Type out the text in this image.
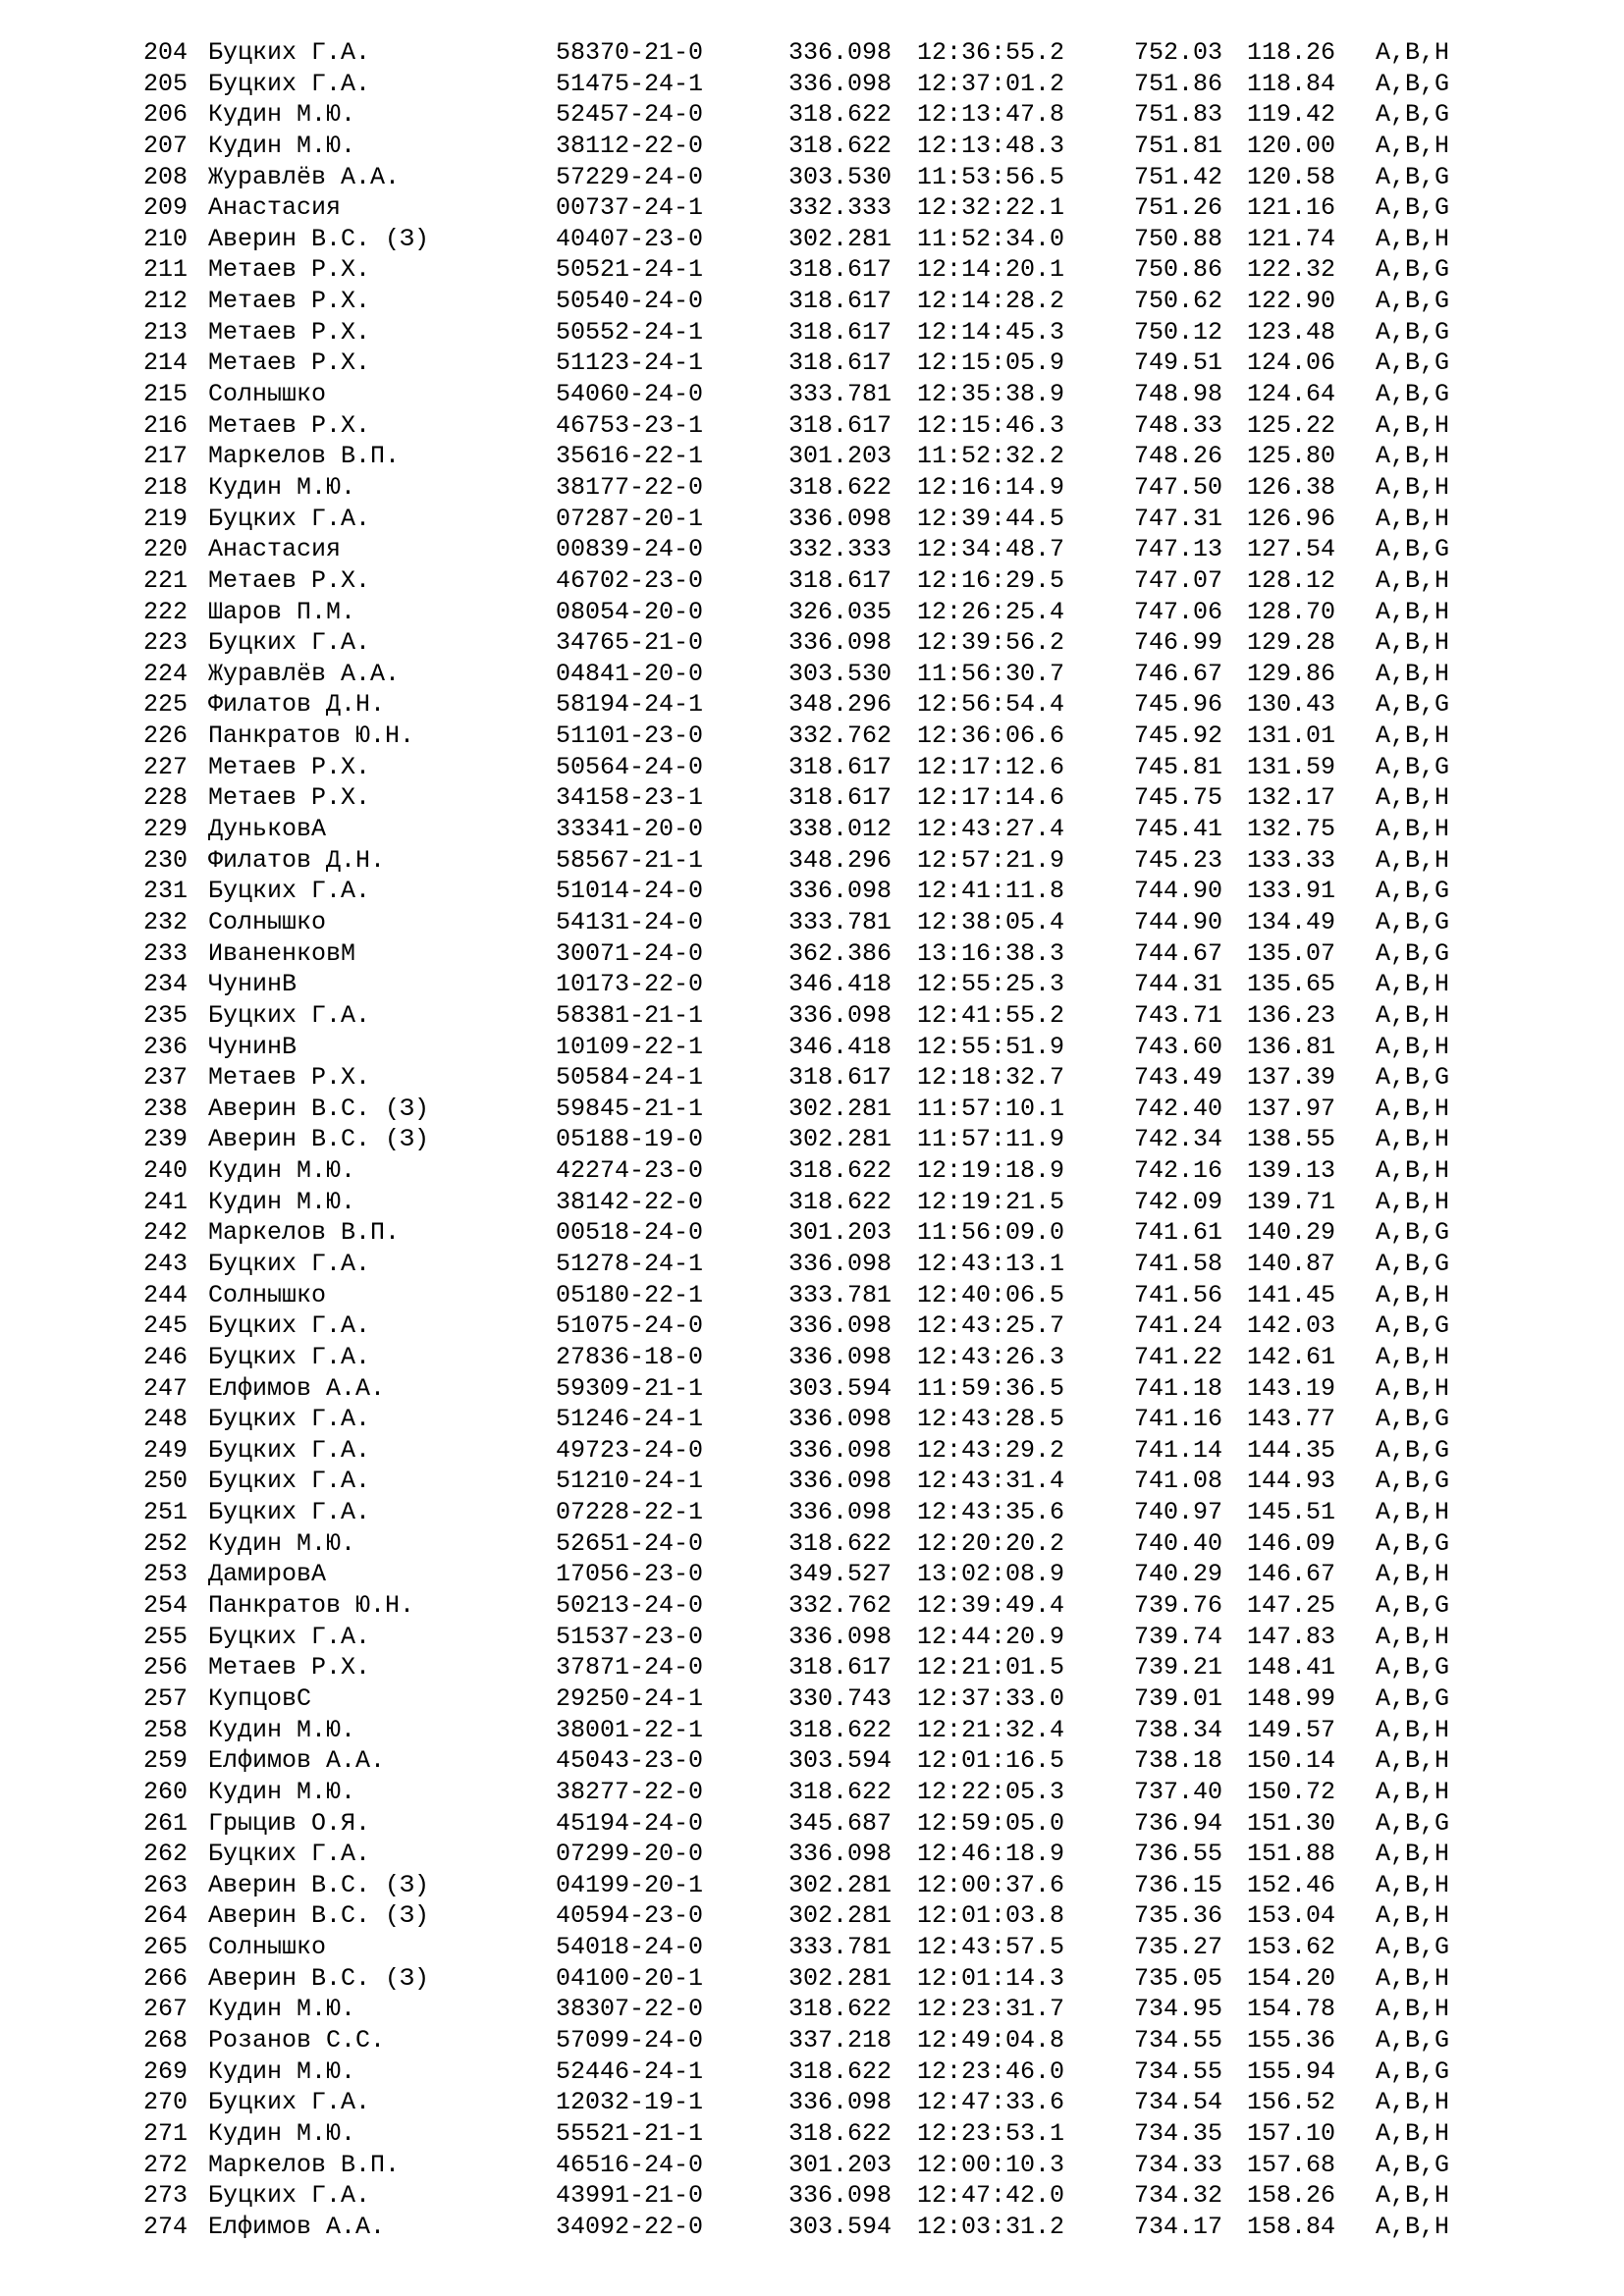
204 Буцких Г.А.	58370-21-0	336.098 12:36:55.2	752.03 118.26 A,B,H
205 Буцких Г.А.	51475-24-1	336.098 12:37:01.2	751.86 118.84 A,B,G
206 Кудин М.Ю.	52457-24-0	318.622 12:13:47.8	751.83 119.42 A,B,G
207 Кудин М.Ю.	38112-22-0	318.622 12:13:48.3	751.81 120.00 A,B,H
208 Журавлёв А.А.	57229-24-0	303.530 11:53:56.5	751.42 120.58 A,B,G
209 Анастасия	00737-24-1	332.333 12:32:22.1	751.26 121.16 A,B,G
210 Аверин В.С. (З)	40407-23-0	302.281 11:52:34.0	750.88 121.74 A,B,H
211 Метаев Р.Х.	50521-24-1	318.617 12:14:20.1	750.86 122.32 A,B,G
212 Метаев Р.Х.	50540-24-0	318.617 12:14:28.2	750.62 122.90 A,B,G
213 Метаев Р.Х.	50552-24-1	318.617 12:14:45.3	750.12 123.48 A,B,G
214 Метаев Р.Х.	51123-24-1	318.617 12:15:05.9	749.51 124.06 A,B,G
215 Солнышко	54060-24-0	333.781 12:35:38.9	748.98 124.64 A,B,G
216 Метаев Р.Х.	46753-23-1	318.617 12:15:46.3	748.33 125.22 A,B,H
217 Маркелов В.П.	35616-22-1	301.203 11:52:32.2	748.26 125.80 A,B,H
218 Кудин М.Ю.	38177-22-0	318.622 12:16:14.9	747.50 126.38 A,B,H
219 Буцких Г.А.	07287-20-1	336.098 12:39:44.5	747.31 126.96 A,B,H
220 Анастасия	00839-24-0	332.333 12:34:48.7	747.13 127.54 A,B,G
221 Метаев Р.Х.	46702-23-0	318.617 12:16:29.5	747.07 128.12 A,B,H
222 Шаров П.М.	08054-20-0	326.035 12:26:25.4	747.06 128.70 A,B,H
223 Буцких Г.А.	34765-21-0	336.098 12:39:56.2	746.99 129.28 A,B,H
224 Журавлёв А.А.	04841-20-0	303.530 11:56:30.7	746.67 129.86 A,B,H
225 Филатов Д.Н.	58194-24-1	348.296 12:56:54.4	745.96 130.43 A,B,G
226 Панкратов Ю.Н.	51101-23-0	332.762 12:36:06.6	745.92 131.01 A,B,H
227 Метаев Р.Х.	50564-24-0	318.617 12:17:12.6	745.81 131.59 A,B,G
228 Метаев Р.Х.	34158-23-1	318.617 12:17:14.6	745.75 132.17 A,B,H
229 ДуньковА	33341-20-0	338.012 12:43:27.4	745.41 132.75 A,B,H
230 Филатов Д.Н.	58567-21-1	348.296 12:57:21.9	745.23 133.33 A,B,H
231 Буцких Г.А.	51014-24-0	336.098 12:41:11.8	744.90 133.91 A,B,G
232 Солнышко	54131-24-0	333.781 12:38:05.4	744.90 134.49 A,B,G
233 ИваненковМ	30071-24-0	362.386 13:16:38.3	744.67 135.07 A,B,G
234 ЧунинВ	10173-22-0	346.418 12:55:25.3	744.31 135.65 A,B,H
235 Буцких Г.А.	58381-21-1	336.098 12:41:55.2	743.71 136.23 A,B,H
236 ЧунинВ	10109-22-1	346.418 12:55:51.9	743.60 136.81 A,B,H
237 Метаев Р.Х.	50584-24-1	318.617 12:18:32.7	743.49 137.39 A,B,G
238 Аверин В.С. (З)	59845-21-1	302.281 11:57:10.1	742.40 137.97 A,B,H
239 Аверин В.С. (З)	05188-19-0	302.281 11:57:11.9	742.34 138.55 A,B,H
240 Кудин М.Ю.	42274-23-0	318.622 12:19:18.9	742.16 139.13 A,B,H
241 Кудин М.Ю.	38142-22-0	318.622 12:19:21.5	742.09 139.71 A,B,H
242 Маркелов В.П.	00518-24-0	301.203 11:56:09.0	741.61 140.29 A,B,G
243 Буцких Г.А.	51278-24-1	336.098 12:43:13.1	741.58 140.87 A,B,G
244 Солнышко	05180-22-1	333.781 12:40:06.5	741.56 141.45 A,B,H
245 Буцких Г.А.	51075-24-0	336.098 12:43:25.7	741.24 142.03 A,B,G
246 Буцких Г.А.	27836-18-0	336.098 12:43:26.3	741.22 142.61 A,B,H
247 Елфимов А.А.	59309-21-1	303.594 11:59:36.5	741.18 143.19 A,B,H
248 Буцких Г.А.	51246-24-1	336.098 12:43:28.5	741.16 143.77 A,B,G
249 Буцких Г.А.	49723-24-0	336.098 12:43:29.2	741.14 144.35 A,B,G
250 Буцких Г.А.	51210-24-1	336.098 12:43:31.4	741.08 144.93 A,B,G
251 Буцких Г.А.	07228-22-1	336.098 12:43:35.6	740.97 145.51 A,B,H
252 Кудин М.Ю.	52651-24-0	318.622 12:20:20.2	740.40 146.09 A,B,G
253 ДамировА	17056-23-0	349.527 13:02:08.9	740.29 146.67 A,B,H
254 Панкратов Ю.Н.	50213-24-0	332.762 12:39:49.4	739.76 147.25 A,B,G
255 Буцких Г.А.	51537-23-0	336.098 12:44:20.9	739.74 147.83 A,B,H
256 Метаев Р.Х.	37871-24-0	318.617 12:21:01.5	739.21 148.41 A,B,G
257 КупцовС	29250-24-1	330.743 12:37:33.0	739.01 148.99 A,B,G
258 Кудин М.Ю.	38001-22-1	318.622 12:21:32.4	738.34 149.57 A,B,H
259 Елфимов А.А.	45043-23-0	303.594 12:01:16.5	738.18 150.14 A,B,H
260 Кудин М.Ю.	38277-22-0	318.622 12:22:05.3	737.40 150.72 A,B,H
261 Грыцив О.Я.	45194-24-0	345.687 12:59:05.0	736.94 151.30 A,B,G
262 Буцких Г.А.	07299-20-0	336.098 12:46:18.9	736.55 151.88 A,B,H
263 Аверин В.С. (З)	04199-20-1	302.281 12:00:37.6	736.15 152.46 A,B,H
264 Аверин В.С. (З)	40594-23-0	302.281 12:01:03.8	735.36 153.04 A,B,H
265 Солнышко	54018-24-0	333.781 12:43:57.5	735.27 153.62 A,B,G
266 Аверин В.С. (З)	04100-20-1	302.281 12:01:14.3	735.05 154.20 A,B,H
267 Кудин М.Ю.	38307-22-0	318.622 12:23:31.7	734.95 154.78 A,B,H
268 Розанов С.С.	57099-24-0	337.218 12:49:04.8	734.55 155.36 A,B,G
269 Кудин М.Ю.	52446-24-1	318.622 12:23:46.0	734.55 155.94 A,B,G
270 Буцких Г.А.	12032-19-1	336.098 12:47:33.6	734.54 156.52 A,B,H
271 Кудин М.Ю.	55521-21-1	318.622 12:23:53.1	734.35 157.10 A,B,H
272 Маркелов В.П.	46516-24-0	301.203 12:00:10.3	734.33 157.68 A,B,G
273 Буцких Г.А.	43991-21-0	336.098 12:47:42.0	734.32 158.26 A,B,H
274 Елфимов А.А.	34092-22-0	303.594 12:03:31.2	734.17 158.84 A,B,H
